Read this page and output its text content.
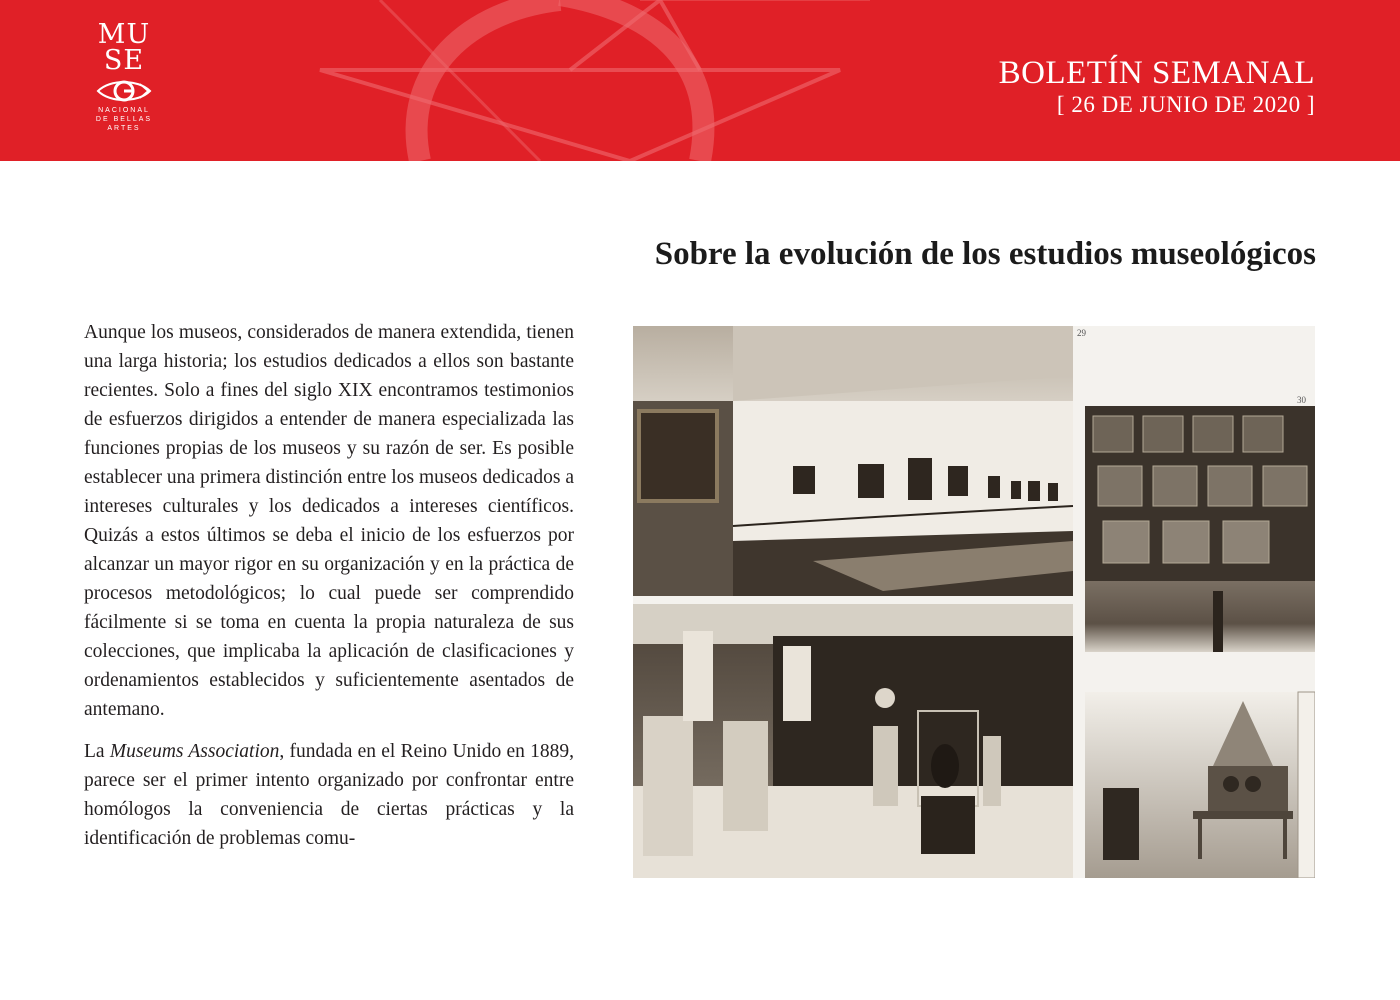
MU
SE
NACIONAL
DE BELLAS
ARTES
BOLETÍN SEMANAL
[ 26 DE JUNIO DE 2020 ]
Sobre la evolución de los estudios museológicos

Aunque los museos, considerados de manera extendida, tienen una larga historia; los estudios dedicados a ellos son bastante recientes. Solo a fines del siglo XIX encontramos testimonios de esfuerzos dirigidos a entender de manera especializada las funciones propias de los museos y su razón de ser. Es posible establecer una primera distinción entre los museos dedicados a intereses culturales y los dedicados a intereses científicos. Quizás a estos últimos se deba el inicio de los esfuerzos por alcanzar un mayor rigor en su organización y en la práctica de procesos metodológicos; lo cual puede ser comprendido fácilmente si se toma en cuenta la propia naturaleza de sus colecciones, que implicaba la aplicación de clasificaciones y ordenamientos establecidos y suficientemente asentados de antemano.

La Museums Association, fundada en el Reino Unido en 1889, parece ser el primer intento organizado por confrontar entre homólogos la conveniencia de ciertas prácticas y la identificación de problemas comu-

29
30
